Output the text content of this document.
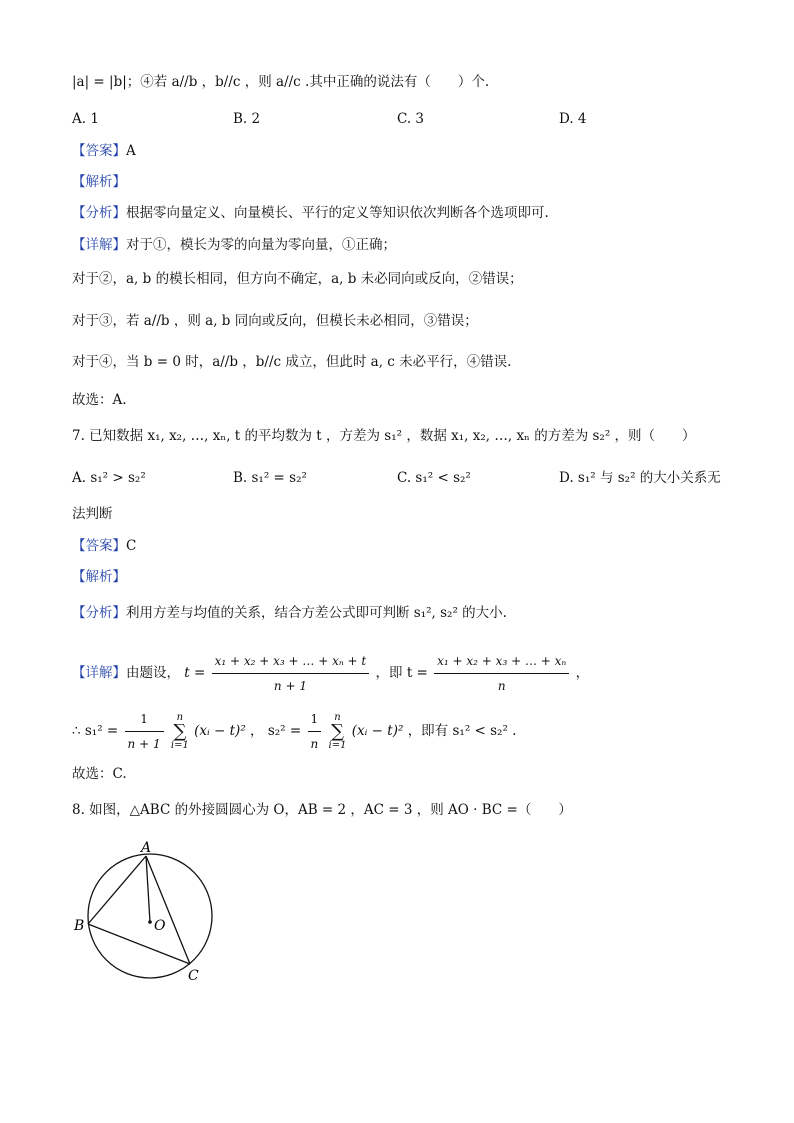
|a| = |b|；④若 a//b ，b//c ，则 a//c .其中正确的说法有（　　）个.
A. 1	B. 2	C. 3	D. 4
【答案】A
【解析】
【分析】根据零向量定义、向量模长、平行的定义等知识依次判断各个选项即可.
【详解】对于①，模长为零的向量为零向量，①正确；
对于②，a, b 的模长相同，但方向不确定，a, b 未必同向或反向，②错误；
对于③，若 a//b ，则 a, b 同向或反向，但模长未必相同，③错误；
对于④，当 b = 0 时，a//b ，b//c 成立，但此时 a, c 未必平行，④错误.
故选：A.
7. 已知数据 x₁, x₂, …, xₙ, t 的平均数为 t ，方差为 s₁² ，数据 x₁, x₂, …, xₙ 的方差为 s₂² ，则（　　）
A. s₁² > s₂²	B. s₁² = s₂²	C. s₁² < s₂²	D. s₁² 与 s₂² 的大小关系无
法判断
【答案】C
【解析】
【分析】利用方差与均值的关系，结合方差公式即可判断 s₁², s₂² 的大小.
【详解】由题设， $t = \frac{\text{x₁ + x₂ + x₃ + … + xₙ + t}}{n + 1}$ ，即 $t = \frac{\text{x₁ + x₂ + x₃ + … + xₙ}}{n}$ ，
∴ $s_1^2 = \frac{1}{n + 1}$ n
∑
i=1 (xᵢ − t)² ， $s_2^2 = \frac{1}{n}$ n
∑
i=1 (xᵢ − t)² ，即有 s₁² < s₂² .
故选：C.
8. 如图，△ABC 的外接圆圆心为 O，AB = 2 ，AC = 3 ，则 AO · BC =（　　）
A
B
C
O
